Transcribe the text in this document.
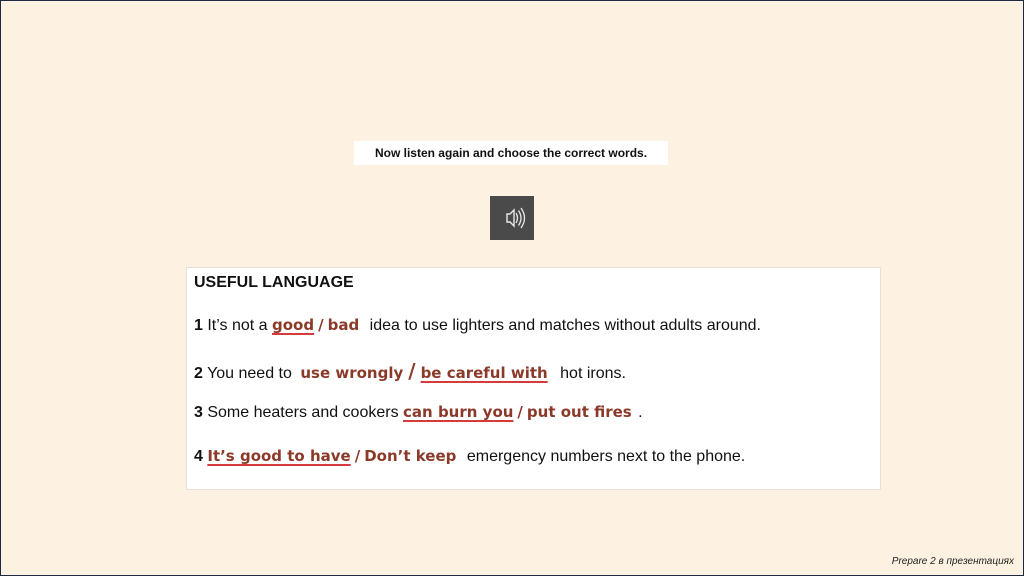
Now listen again and choose the correct words.
USEFUL LANGUAGE
1 It’s not a good / bad idea to use lighters and matches without adults around.
2 You need to use wrongly / be careful with hot irons.
3 Some heaters and cookers can burn you / put out fires .
4 It’s good to have / Don’t keep emergency numbers next to the phone.
Prepare 2 в презентациях
